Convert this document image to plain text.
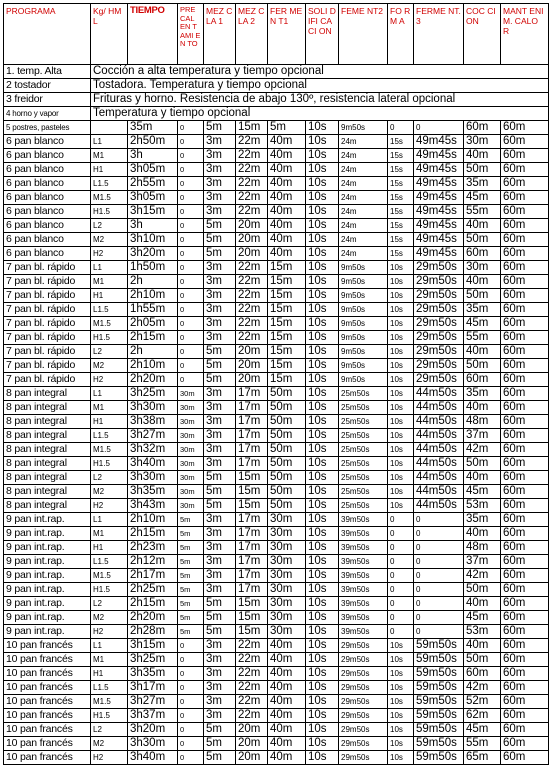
PROGRAMA	Kg/ HML	TIEMPO	PRE CAL EN TAMI EN TO	MEZ CLA 1	MEZ CLA 2	FER MEN T1	SOLI DIFI CACI ON	FEME NT2	FO RM A	FERME NT.3	COC CION	MANT ENIM. CALO R
1. temp. Alta	Cocción a alta temperatura y tiempo opcional											
2 tostador	Tostadora. Temperatura y tiempo opcional											
3 freidor	Frituras y horno. Resistencia de abajo 130º, resistencia lateral opcional											
4 horno y vapor	Temperatura y tiempo opcional											
5 postres, pasteles		35m	0	5m	15m	5m	10s	9m50s	0	0	60m	60m
6 pan blanco	L1	2h50m	0	3m	22m	40m	10s	24m	15s	49m45s	30m	60m
6 pan blanco	M1	3h	0	3m	22m	40m	10s	24m	15s	49m45s	40m	60m
6 pan blanco	H1	3h05m	0	3m	22m	40m	10s	24m	15s	49m45s	50m	60m
6 pan blanco	L1.5	2h55m	0	3m	22m	40m	10s	24m	15s	49m45s	35m	60m
6 pan blanco	M1.5	3h05m	0	3m	22m	40m	10s	24m	15s	49m45s	45m	60m
6 pan blanco	H1.5	3h15m	0	3m	22m	40m	10s	24m	15s	49m45s	55m	60m
6 pan blanco	L2	3h	0	5m	20m	40m	10s	24m	15s	49m45s	40m	60m
6 pan blanco	M2	3h10m	0	5m	20m	40m	10s	24m	15s	49m45s	50m	60m
6 pan blanco	H2	3h20m	0	5m	20m	40m	10s	24m	15s	49m45s	60m	60m
7 pan bl. rápido	L1	1h50m	0	3m	22m	15m	10s	9m50s	10s	29m50s	30m	60m
7 pan bl. rápido	M1	2h	0	3m	22m	15m	10s	9m50s	10s	29m50s	40m	60m
7 pan bl. rápido	H1	2h10m	0	3m	22m	15m	10s	9m50s	10s	29m50s	50m	60m
7 pan bl. rápido	L1.5	1h55m	0	3m	22m	15m	10s	9m50s	10s	29m50s	35m	60m
7 pan bl. rápido	M1.5	2h05m	0	3m	22m	15m	10s	9m50s	10s	29m50s	45m	60m
7 pan bl. rápido	H1.5	2h15m	0	3m	22m	15m	10s	9m50s	10s	29m50s	55m	60m
7 pan bl. rápido	L2	2h	0	5m	20m	15m	10s	9m50s	10s	29m50s	40m	60m
7 pan bl. rápido	M2	2h10m	0	5m	20m	15m	10s	9m50s	10s	29m50s	50m	60m
7 pan bl. rápido	H2	2h20m	0	5m	20m	15m	10s	9m50s	10s	29m50s	60m	60m
8 pan integral	L1	3h25m	30m	3m	17m	50m	10s	25m50s	10s	44m50s	35m	60m
8 pan integral	M1	3h30m	30m	3m	17m	50m	10s	25m50s	10s	44m50s	40m	60m
8 pan integral	H1	3h38m	30m	3m	17m	50m	10s	25m50s	10s	44m50s	48m	60m
8 pan integral	L1.5	3h27m	30m	3m	17m	50m	10s	25m50s	10s	44m50s	37m	60m
8 pan integral	M1.5	3h32m	30m	3m	17m	50m	10s	25m50s	10s	44m50s	42m	60m
8 pan integral	H1.5	3h40m	30m	3m	17m	50m	10s	25m50s	10s	44m50s	50m	60m
8 pan integral	L2	3h30m	30m	5m	15m	50m	10s	25m50s	10s	44m50s	40m	60m
8 pan integral	M2	3h35m	30m	5m	15m	50m	10s	25m50s	10s	44m50s	45m	60m
8 pan integral	H2	3h43m	30m	5m	15m	50m	10s	25m50s	10s	44m50s	53m	60m
9 pan int.rap.	L1	2h10m	5m	3m	17m	30m	10s	39m50s	0	0	35m	60m
9 pan int.rap.	M1	2h15m	5m	3m	17m	30m	10s	39m50s	0	0	40m	60m
9 pan int.rap.	H1	2h23m	5m	3m	17m	30m	10s	39m50s	0	0	48m	60m
9 pan int.rap.	L1.5	2h12m	5m	3m	17m	30m	10s	39m50s	0	0	37m	60m
9 pan int.rap.	M1.5	2h17m	5m	3m	17m	30m	10s	39m50s	0	0	42m	60m
9 pan int.rap.	H1.5	2h25m	5m	3m	17m	30m	10s	39m50s	0	0	50m	60m
9 pan int.rap.	L2	2h15m	5m	5m	15m	30m	10s	39m50s	0	0	40m	60m
9 pan int.rap.	M2	2h20m	5m	5m	15m	30m	10s	39m50s	0	0	45m	60m
9 pan int.rap.	H2	2h28m	5m	5m	15m	30m	10s	39m50s	0	0	53m	60m
10 pan francés	L1	3h15m	0	3m	22m	40m	10s	29m50s	10s	59m50s	40m	60m
10 pan francés	M1	3h25m	0	3m	22m	40m	10s	29m50s	10s	59m50s	50m	60m
10 pan francés	H1	3h35m	0	3m	22m	40m	10s	29m50s	10s	59m50s	60m	60m
10 pan francés	L1.5	3h17m	0	3m	22m	40m	10s	29m50s	10s	59m50s	42m	60m
10 pan francés	M1.5	3h27m	0	3m	22m	40m	10s	29m50s	10s	59m50s	52m	60m
10 pan francés	H1.5	3h37m	0	3m	22m	40m	10s	29m50s	10s	59m50s	62m	60m
10 pan francés	L2	3h20m	0	5m	20m	40m	10s	29m50s	10s	59m50s	45m	60m
10 pan francés	M2	3h30m	0	5m	20m	40m	10s	29m50s	10s	59m50s	55m	60m
10 pan francés	H2	3h40m	0	5m	20m	40m	10s	29m50s	10s	59m50s	65m	60m
